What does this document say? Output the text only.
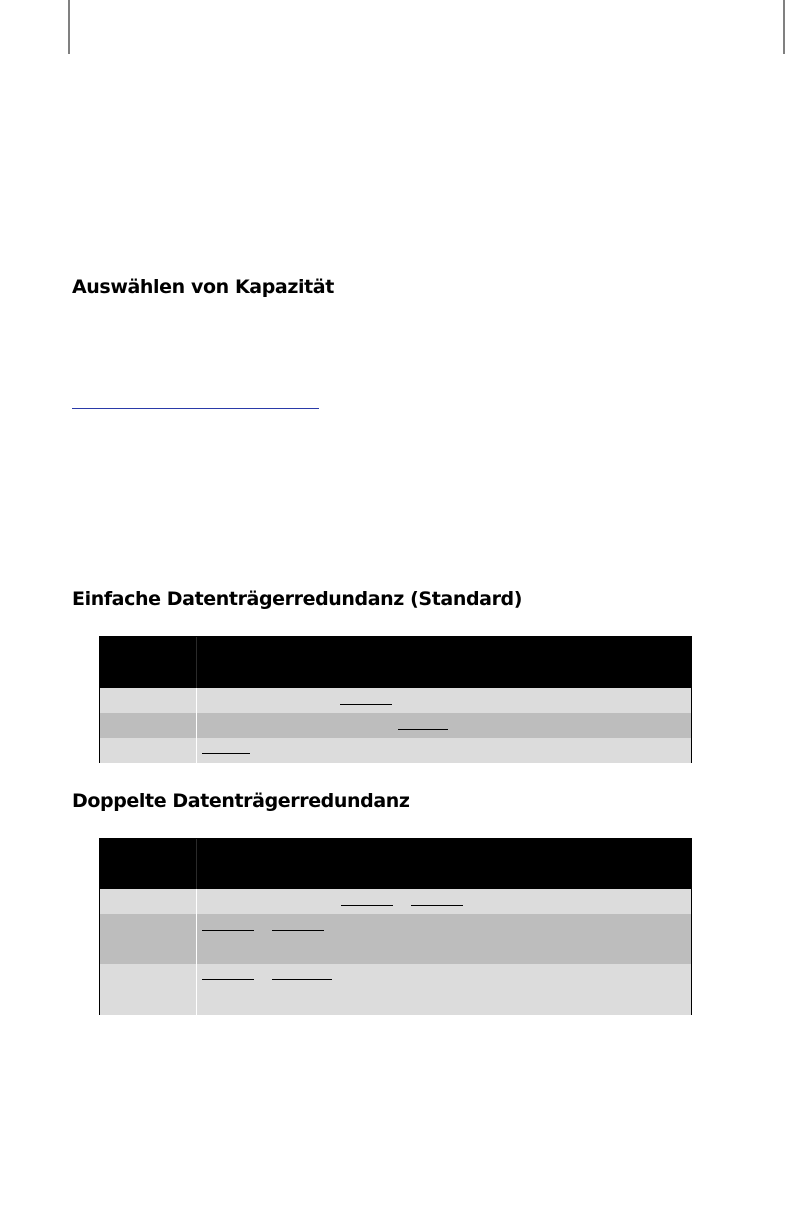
Auswählen von Kapazität
Einfache Datenträgerredundanz (Standard)
Doppelte Datenträgerredundanz
